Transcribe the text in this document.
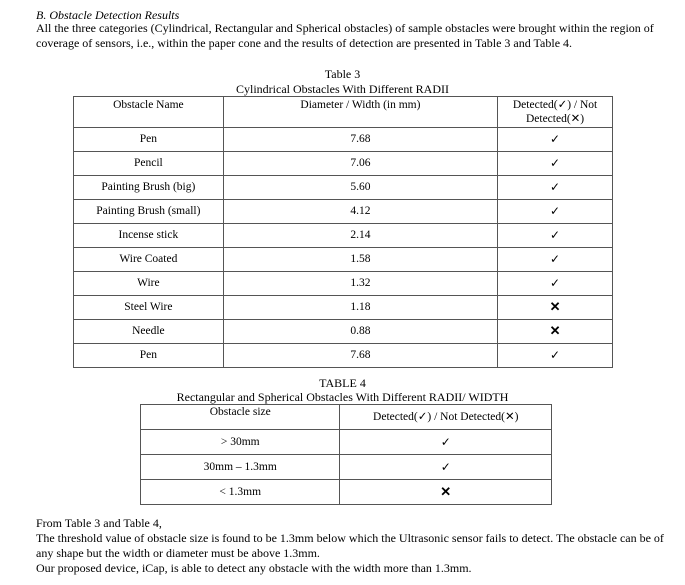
B. Obstacle Detection Results
All the three categories (Cylindrical, Rectangular and Spherical obstacles) of sample obstacles were brought within the region of coverage of sensors, i.e., within the paper cone and the results of detection are presented in Table 3 and Table 4.
Table 3
Cylindrical Obstacles With Different RADII
Obstacle Name	Diameter / Width (in mm)	Detected(✓) / Not Detected(✕)
Pen	7.68	✓
Pencil	7.06	✓
Painting Brush (big)	5.60	✓
Painting Brush (small)	4.12	✓
Incense stick	2.14	✓
Wire Coated	1.58	✓
Wire	1.32	✓
Steel Wire	1.18	✕
Needle	0.88	✕
Pen	7.68	✓
TABLE 4
Rectangular and Spherical Obstacles With Different RADII/ WIDTH
Obstacle size	Detected(✓) / Not Detected(✕)
> 30mm	✓
30mm – 1.3mm	✓
< 1.3mm	✕

From Table 3 and Table 4,

The threshold value of obstacle size is found to be 1.3mm below which the Ultrasonic sensor fails to detect. The obstacle can be of any shape but the width or diameter must be above 1.3mm.

Our proposed device, iCap, is able to detect any obstacle with the width more than 1.3mm.
